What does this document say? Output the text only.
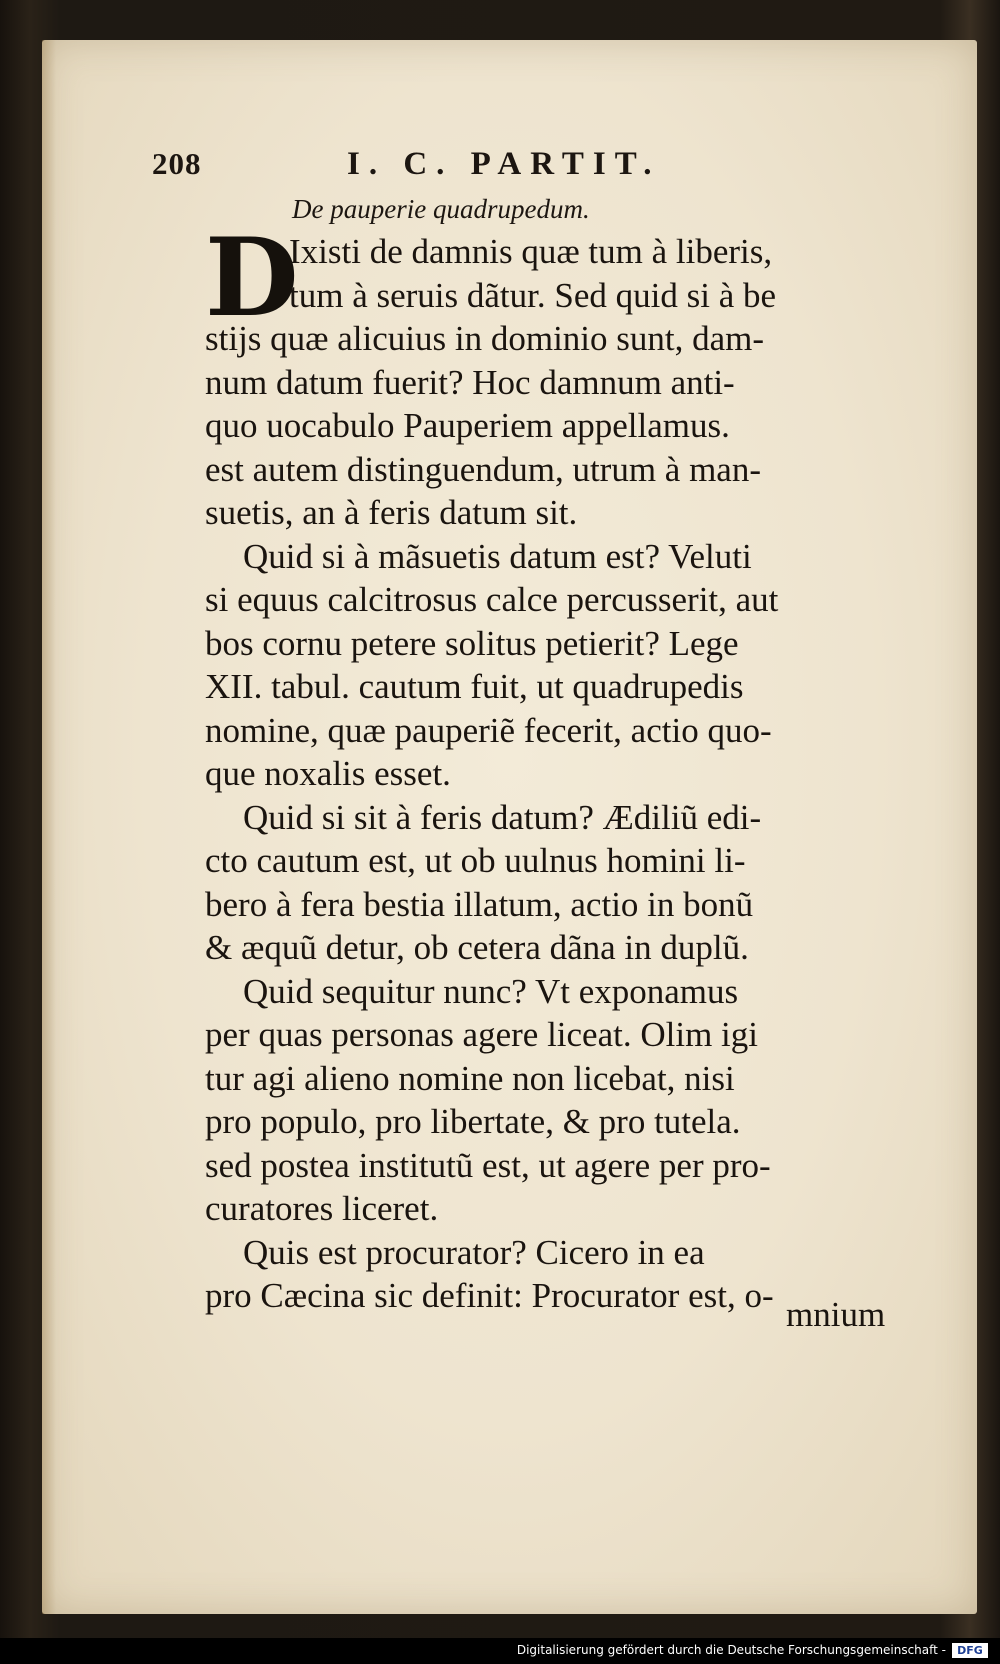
208	I. C. PARTIT.
De pauperie quadrupedum.
D
Ixisti de damnis quæ tum à liberis,
tum à seruis dãtur. Sed quid si à be
stijs quæ alicuius in dominio sunt, dam-
num datum fuerit? Hoc damnum anti-
quo uocabulo Pauperiem appellamus.
est autem distinguendum, utrum à man-
suetis, an à feris datum sit.
Quid si à mãsuetis datum est? Veluti
si equus calcitrosus calce percusserit, aut
bos cornu petere solitus petierit? Lege
XII. tabul. cautum fuit, ut quadrupedis
nomine, quæ pauperiẽ fecerit, actio quo-
que noxalis esset.
Quid si sit à feris datum? Ædiliũ edi-
cto cautum est, ut ob uulnus homini li-
bero à fera bestia illatum, actio in bonũ
& æquũ detur, ob cetera dãna in duplũ.
Quid sequitur nunc? Vt exponamus
per quas personas agere liceat. Olim igi
tur agi alieno nomine non licebat, nisi
pro populo, pro libertate, & pro tutela.
sed postea institutũ est, ut agere per pro-
curatores liceret.
Quis est procurator? Cicero in ea
pro Cæcina sic definit: Procurator est, o- mnium
Digitalisierung gefördert durch die Deutsche Forschungsgemeinschaft -	DFG
